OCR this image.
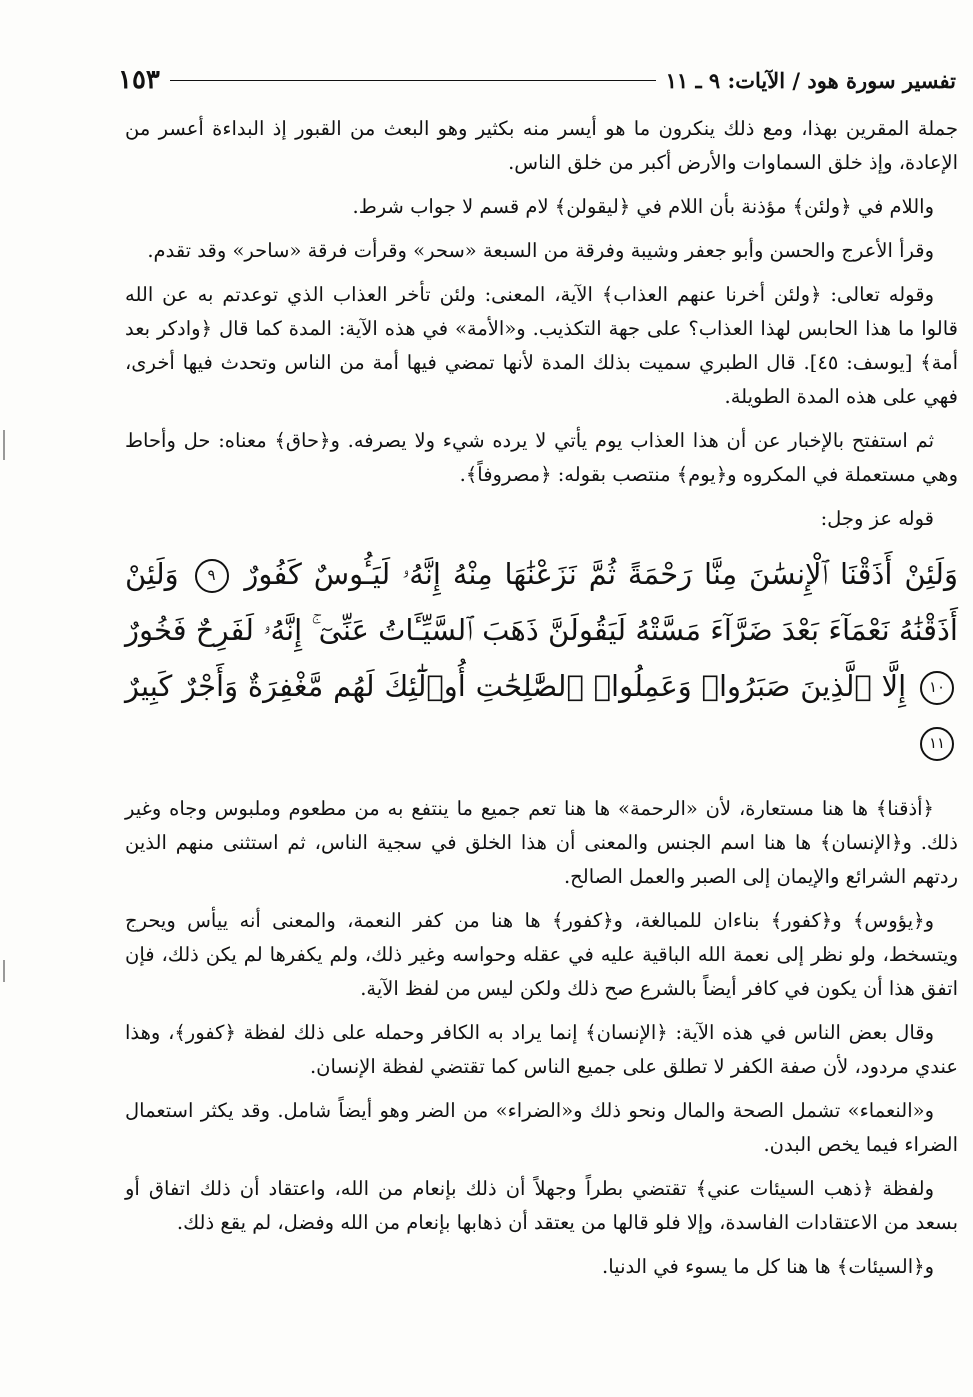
تفسير سورة هود / الآيات: ٩ ـ ١١
١٥٣

جملة المقرين بهذا، ومع ذلك ينكرون ما هو أيسر منه بكثير وهو البعث من القبور إذ البداءة أعسر من الإعادة، وإذ خلق السماوات والأرض أكبر من خلق الناس.

واللام في ﴿ولئن﴾ مؤذنة بأن اللام في ﴿ليقولن﴾ لام قسم لا جواب شرط.

وقرأ الأعرج والحسن وأبو جعفر وشيبة وفرقة من السبعة «سحر» وقرأت فرقة «ساحر» وقد تقدم.

وقوله تعالى: ﴿ولئن أخرنا عنهم العذاب﴾ الآية، المعنى: ولئن تأخر العذاب الذي توعدتم به عن الله قالوا ما هذا الحابس لهذا العذاب؟ على جهة التكذيب. و«الأمة» في هذه الآية: المدة كما قال ﴿وادكر بعد أمة﴾ [يوسف: ٤٥]. قال الطبري سميت بذلك المدة لأنها تمضي فيها أمة من الناس وتحدث فيها أخرى، فهي على هذه المدة الطويلة.

ثم استفتح بالإخبار عن أن هذا العذاب يوم يأتي لا يرده شيء ولا يصرفه. و﴿حاق﴾ معناه: حل وأحاط وهي مستعملة في المكروه و﴿يوم﴾ منتصب بقوله: ﴿مصروفاً﴾.

قوله عز وجل:

وَلَئِنْ أَذَقْنَا ٱلْإِنسَٰنَ مِنَّا رَحْمَةً ثُمَّ نَزَعْنَٰهَا مِنْهُ إِنَّهُۥ لَيَـُٔوسٌ كَفُورٌ ٩ وَلَئِنْ أَذَقْنَٰهُ نَعْمَآءَ بَعْدَ ضَرَّآءَ مَسَّتْهُ لَيَقُولَنَّ ذَهَبَ ٱلسَّيِّـَٔاتُ عَنِّىٓ ۚ إِنَّهُۥ لَفَرِحٌ فَخُورٌ ١٠ إِلَّا ٱلَّذِينَ صَبَرُوا۟ وَعَمِلُوا۟ ٱلصَّٰلِحَٰتِ أُو۟لَٰٓئِكَ لَهُم مَّغْفِرَةٌ وَأَجْرٌ كَبِيرٌ ١١

﴿أذقنا﴾ ها هنا مستعارة، لأن «الرحمة» ها هنا تعم جميع ما ينتفع به من مطعوم وملبوس وجاه وغير ذلك. و﴿الإنسان﴾ ها هنا اسم الجنس والمعنى أن هذا الخلق في سجية الناس، ثم استثنى منهم الذين ردتهم الشرائع والإيمان إلى الصبر والعمل الصالح.

و﴿يؤوس﴾ و﴿كفور﴾ بناءان للمبالغة، و﴿كفور﴾ ها هنا من كفر النعمة، والمعنى أنه ييأس ويحرج ويتسخط، ولو نظر إلى نعمة الله الباقية عليه في عقله وحواسه وغير ذلك، ولم يكفرها لم يكن ذلك، فإن اتفق هذا أن يكون في كافر أيضاً بالشرع صح ذلك ولكن ليس من لفظ الآية.

وقال بعض الناس في هذه الآية: ﴿الإنسان﴾ إنما يراد به الكافر وحمله على ذلك لفظة ﴿كفور﴾، وهذا عندي مردود، لأن صفة الكفر لا تطلق على جميع الناس كما تقتضي لفظة الإنسان.

و«النعماء» تشمل الصحة والمال ونحو ذلك و«الضراء» من الضر وهو أيضاً شامل. وقد يكثر استعمال الضراء فيما يخص البدن.

ولفظة ﴿ذهب السيئات عني﴾ تقتضي بطراً وجهلاً أن ذلك بإنعام من الله، واعتقاد أن ذلك اتفاق أو بسعد من الاعتقادات الفاسدة، وإلا فلو قالها من يعتقد أن ذهابها بإنعام من الله وفضل، لم يقع ذلك.

و﴿السيئات﴾ ها هنا كل ما يسوء في الدنيا.
